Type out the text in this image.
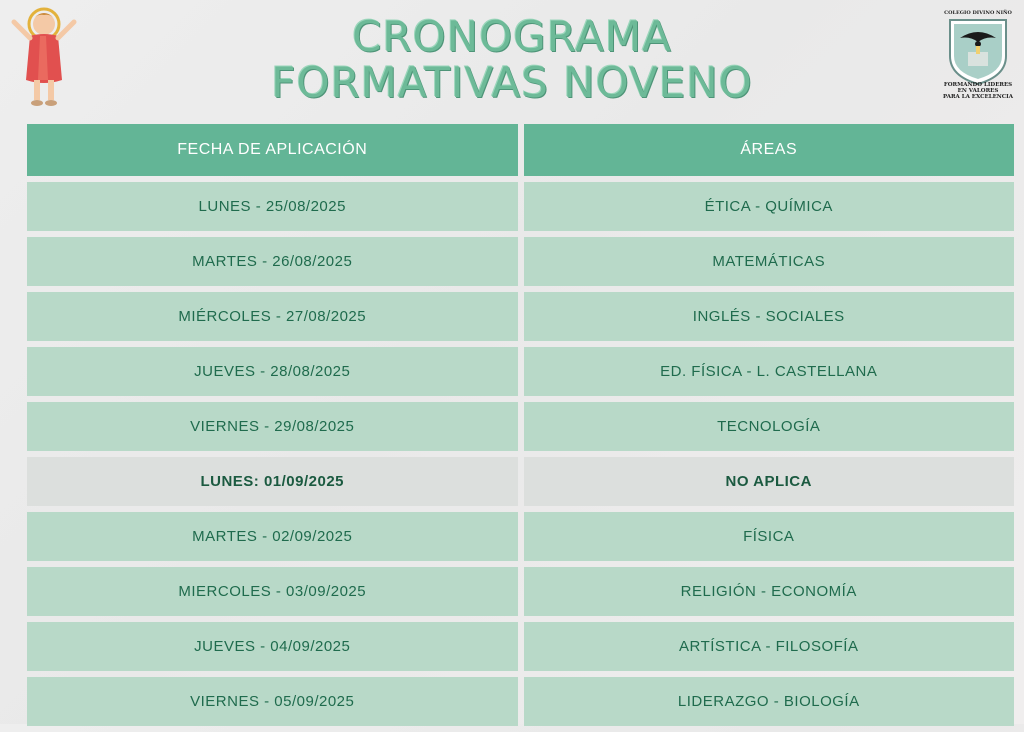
CRONOGRAMA
FORMATIVAS NOVENO
COLEGIO DIVINO NIÑO
FORMANDO LIDERES
EN VALORES
PARA LA EXCELENCIA
FECHA DE APLICACIÓN	ÁREAS
LUNES - 25/08/2025	ÉTICA - QUÍMICA
MARTES - 26/08/2025	MATEMÁTICAS
MIÉRCOLES - 27/08/2025	INGLÉS - SOCIALES
JUEVES - 28/08/2025	ED. FÍSICA - L. CASTELLANA
VIERNES - 29/08/2025	TECNOLOGÍA
LUNES: 01/09/2025	NO APLICA
MARTES - 02/09/2025	FÍSICA
MIERCOLES - 03/09/2025	RELIGIÓN - ECONOMÍA
JUEVES - 04/09/2025	ARTÍSTICA - FILOSOFÍA
VIERNES - 05/09/2025	LIDERAZGO - BIOLOGÍA
